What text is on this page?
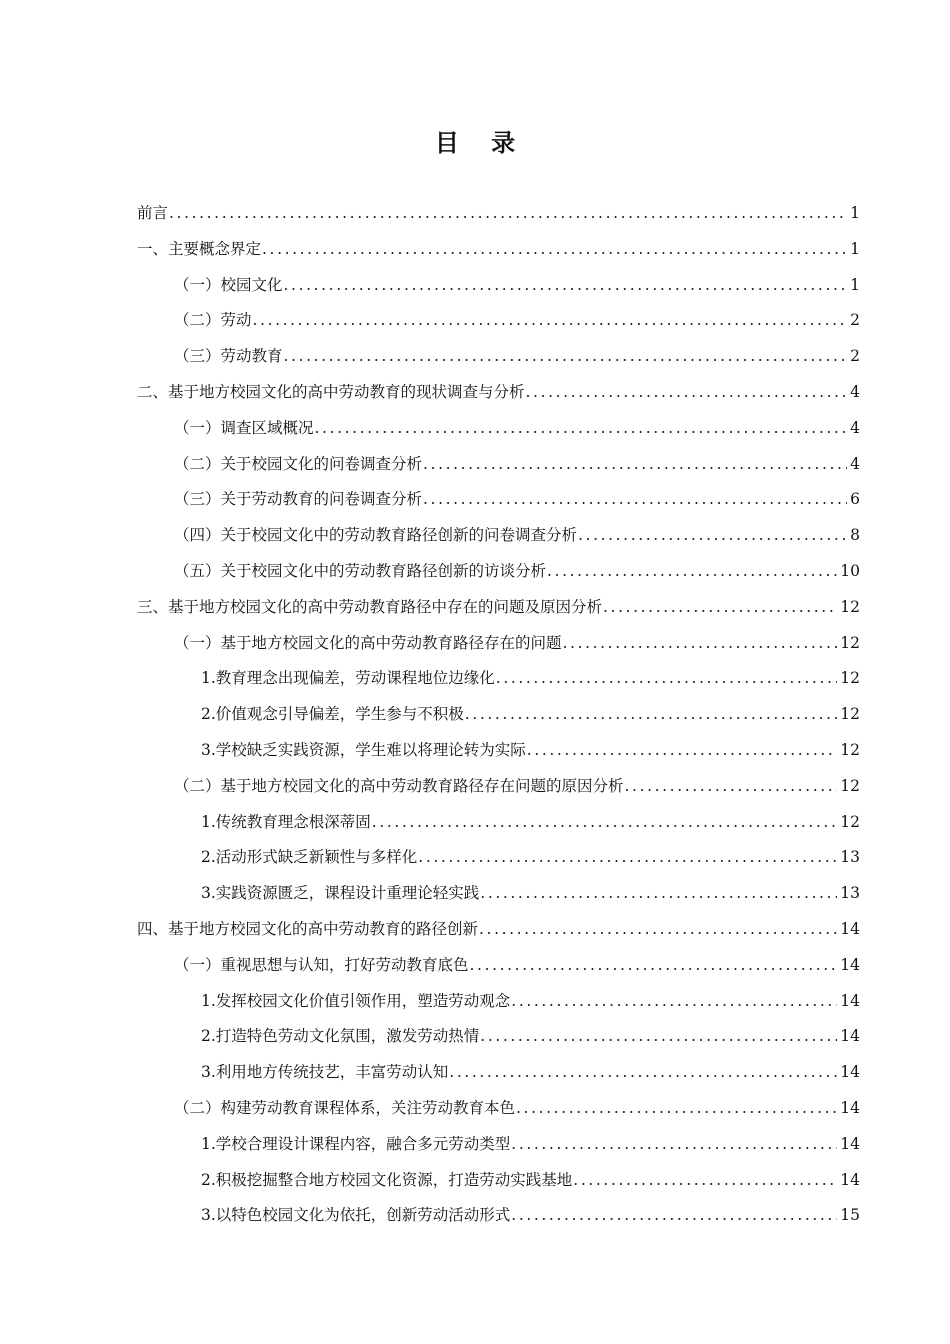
目 录
前言 .....	1
一、主要概念界定 .....	1
（一）校园文化 .....	1
（二）劳动 .....	2
（三）劳动教育 .....	2
二、基于地方校园文化的高中劳动教育的现状调查与分析 .....	4
（一）调查区域概况 .....	4
（二）关于校园文化的问卷调查分析 .....	4
（三）关于劳动教育的问卷调查分析 .....	6
（四）关于校园文化中的劳动教育路径创新的问卷调查分析 .....	8
（五）关于校园文化中的劳动教育路径创新的访谈分析 .....	10
三、基于地方校园文化的高中劳动教育路径中存在的问题及原因分析 .....	12
（一）基于地方校园文化的高中劳动教育路径存在的问题 .....	12
1.教育理念出现偏差，劳动课程地位边缘化 .....	12
2.价值观念引导偏差，学生参与不积极 .....	12
3.学校缺乏实践资源，学生难以将理论转为实际 .....	12
（二）基于地方校园文化的高中劳动教育路径存在问题的原因分析 .....	12
1.传统教育理念根深蒂固 .....	12
2.活动形式缺乏新颖性与多样化 .....	13
3.实践资源匮乏，课程设计重理论轻实践 .....	13
四、基于地方校园文化的高中劳动教育的路径创新 .....	14
（一）重视思想与认知，打好劳动教育底色 .....	14
1.发挥校园文化价值引领作用，塑造劳动观念 .....	14
2.打造特色劳动文化氛围，激发劳动热情 .....	14
3.利用地方传统技艺，丰富劳动认知 .....	14
（二）构建劳动教育课程体系，关注劳动教育本色 .....	14
1.学校合理设计课程内容，融合多元劳动类型 .....	14
2.积极挖掘整合地方校园文化资源，打造劳动实践基地 .....	14
3.以特色校园文化为依托，创新劳动活动形式 .....	15
